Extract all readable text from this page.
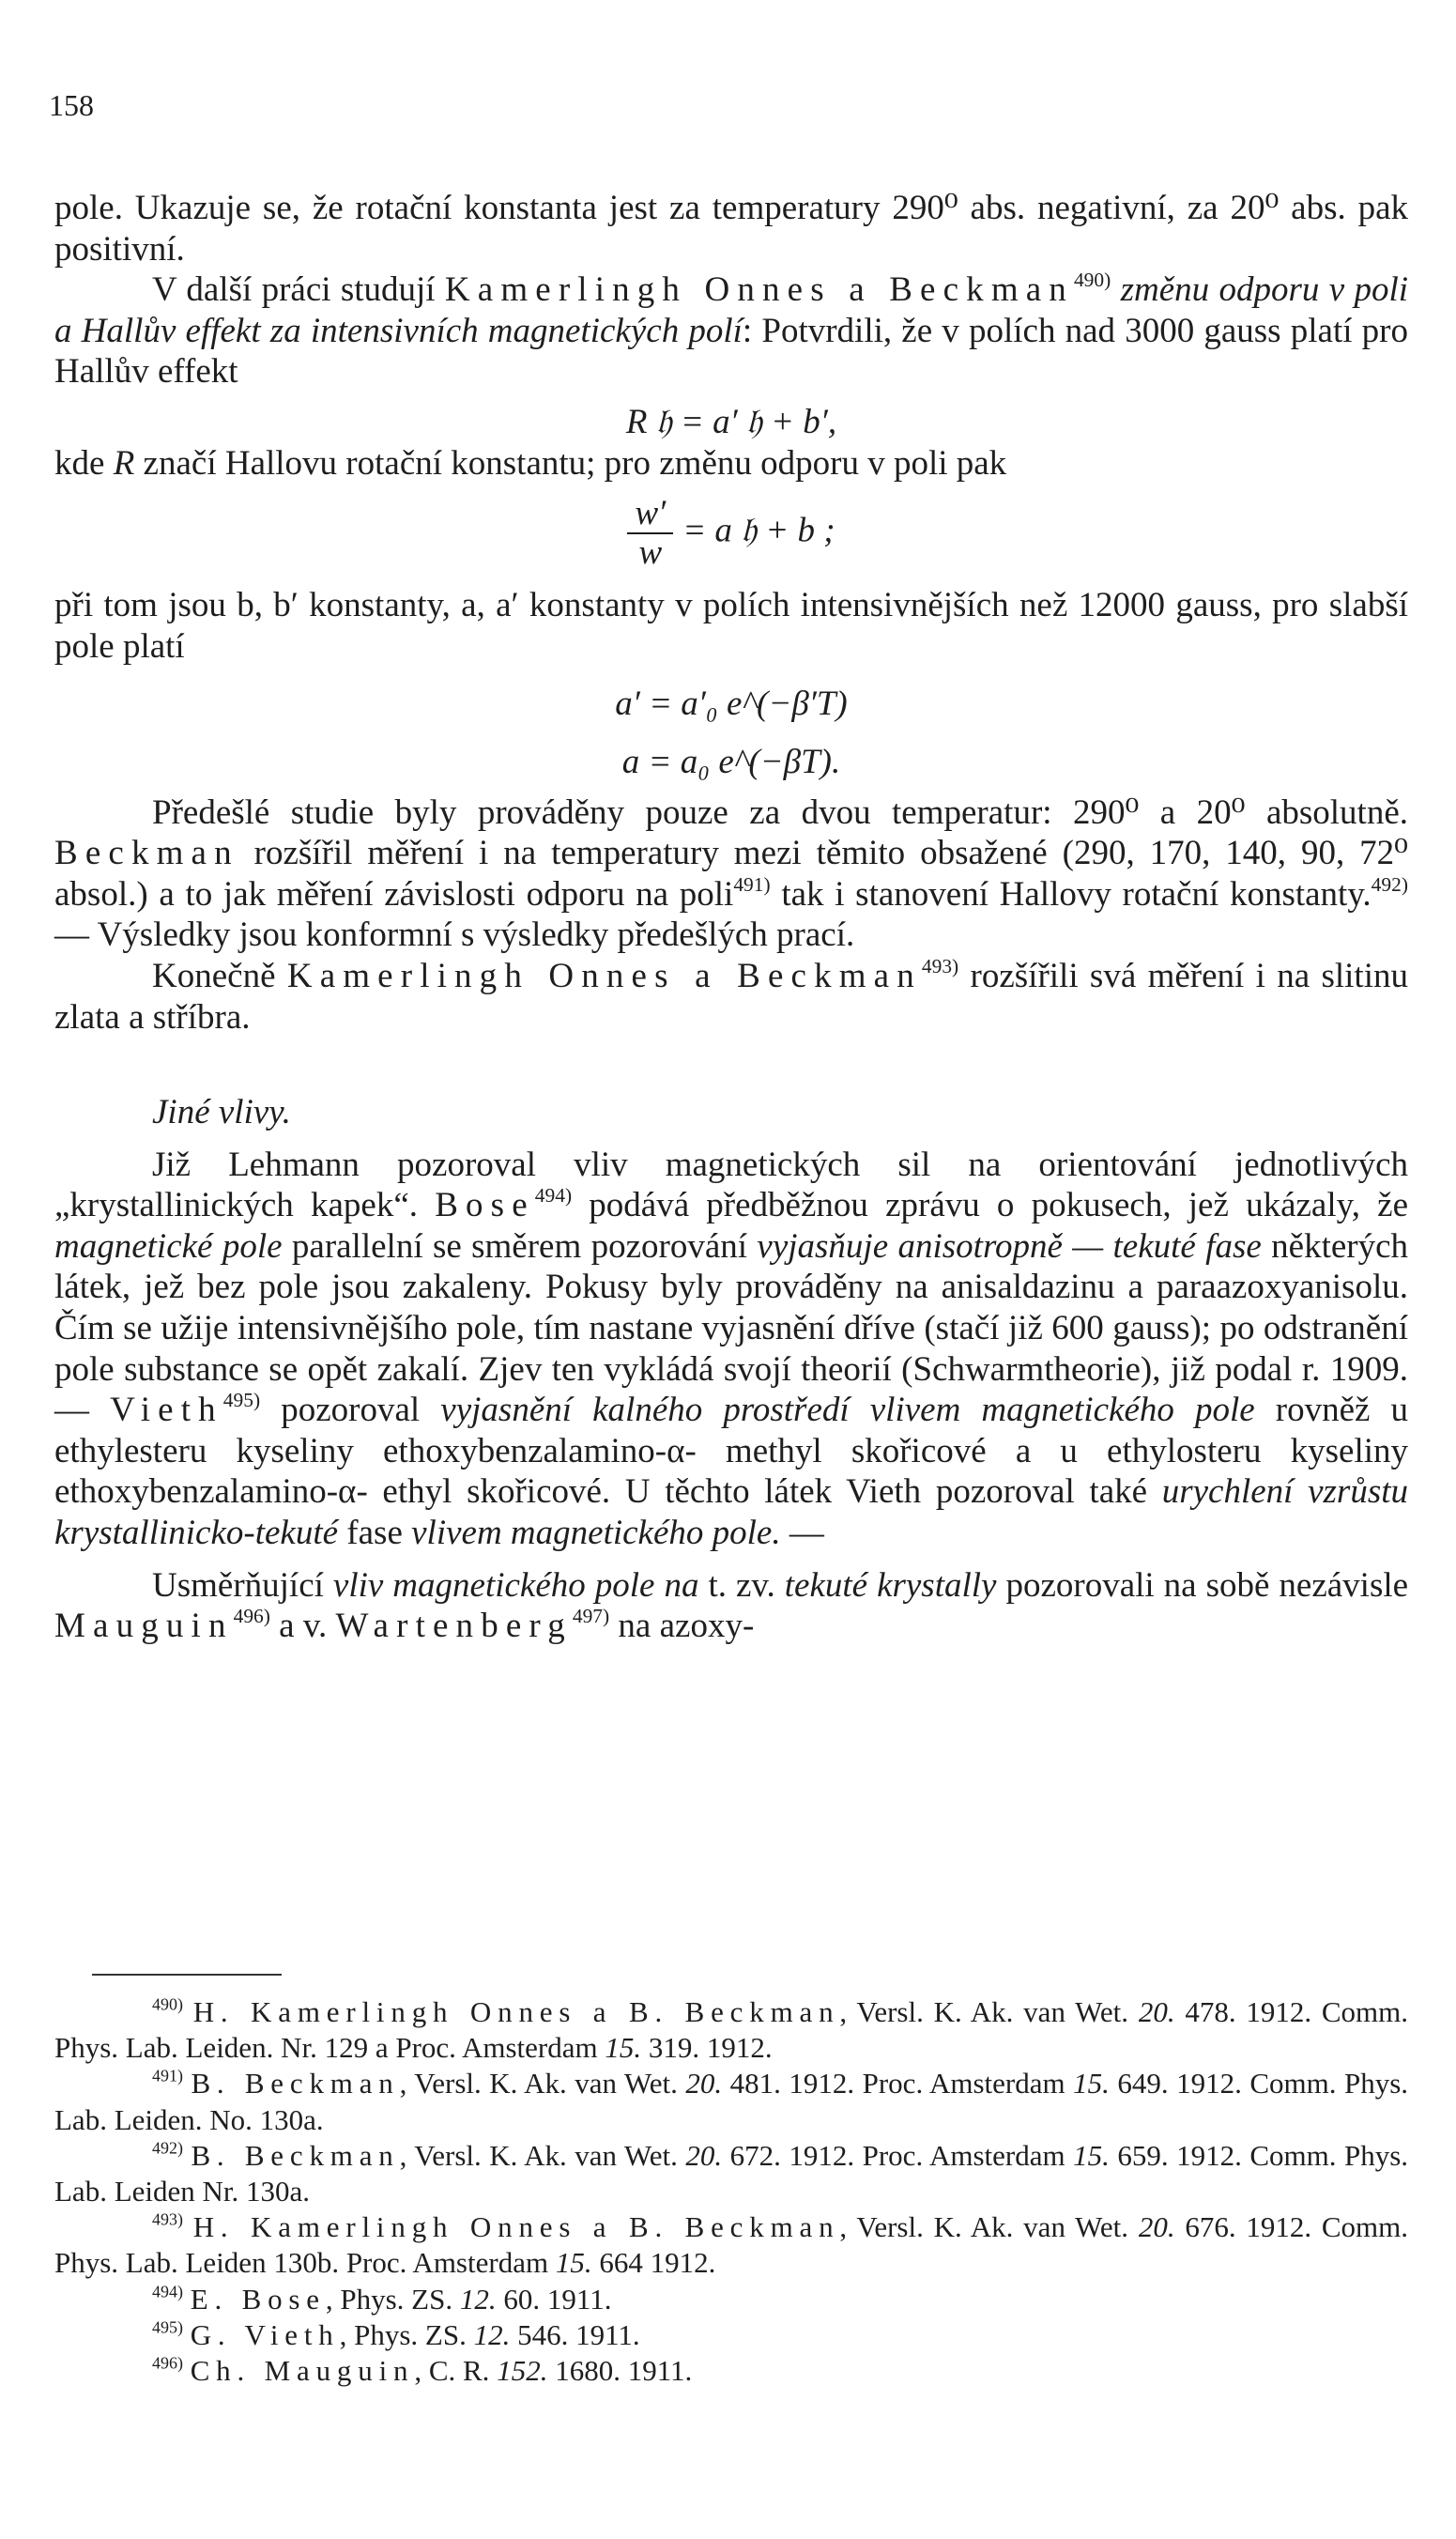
158

pole. Ukazuje se, že rotační konstanta jest za temperatury 290⁰ abs. negativní, za 20⁰ abs. pak positivní.

V další práci studují Kamerlingh Onnes a Beckman$^{490)}$ změnu odporu v poli a Hallův effekt za intensivních magnetických polí: Potvrdili, že v polích nad 3000 gauss platí pro Hallův effekt

R 𝔥 = a′ 𝔥 + b′,

kde R značí Hallovu rotační konstantu; pro změnu odporu v poli pak

$\frac{w'}{w} = a$ 𝔥 + b ;

při tom jsou b, b′ konstanty, a, a′ konstanty v polích intensivnějších než 12000 gauss, pro slabší pole platí

a′ = a′₀ e^(−β′T)

a = a₀ e^(−βT).

Předešlé studie byly prováděny pouze za dvou temperatur: 290⁰ a 20⁰ absolutně. Beckman rozšířil měření i na temperatury mezi těmito obsažené (290, 170, 140, 90, 72⁰ absol.) a to jak měření závislosti odporu na poli$^{491)}$ tak i stanovení Hallovy rotační konstanty.$^{492)}$ — Výsledky jsou konformní s výsledky předešlých prací.

Konečně Kamerlingh Onnes a Beckman$^{493)}$ rozšířili svá měření i na slitinu zlata a stříbra.

Jiné vlivy.

Již Lehmann pozoroval vliv magnetických sil na orientování jednotlivých „krystallinických kapek“. Bose$^{494)}$ podává předběžnou zprávu o pokusech, jež ukázaly, že magnetické pole parallelní se směrem pozorování vyjasňuje anisotropně — tekuté fase některých látek, jež bez pole jsou zakaleny. Pokusy byly prováděny na anisaldazinu a paraazoxyanisolu. Čím se užije intensivnějšího pole, tím nastane vyjasnění dříve (stačí již 600 gauss); po odstranění pole substance se opět zakalí. Zjev ten vykládá svojí theorií (Schwarmtheorie), již podal r. 1909. — Vieth$^{495)}$ pozoroval vyjasnění kalného prostředí vlivem magnetického pole rovněž u ethylesteru kyseliny ethoxybenzalamino-α- methyl skořicové a u ethylosteru kyseliny ethoxybenzalamino-α- ethyl skořicové. U těchto látek Vieth pozoroval také urychlení vzrůstu krystallinicko-tekuté fase vlivem magnetického pole. —

Usměrňující vliv magnetického pole na t. zv. tekuté krystally pozorovali na sobě nezávisle Mauguin$^{496)}$ a v. Wartenberg$^{497)}$ na azoxy-

$^{490)}$ H. Kamerlingh Onnes a B. Beckman, Versl. K. Ak. van Wet. 20. 478. 1912. Comm. Phys. Lab. Leiden. Nr. 129 a Proc. Amsterdam 15. 319. 1912.

$^{491)}$ B. Beckman, Versl. K. Ak. van Wet. 20. 481. 1912. Proc. Amsterdam 15. 649. 1912. Comm. Phys. Lab. Leiden. No. 130a.

$^{492)}$ B. Beckman, Versl. K. Ak. van Wet. 20. 672. 1912. Proc. Amsterdam 15. 659. 1912. Comm. Phys. Lab. Leiden Nr. 130a.

$^{493)}$ H. Kamerlingh Onnes a B. Beckman, Versl. K. Ak. van Wet. 20. 676. 1912. Comm. Phys. Lab. Leiden 130b. Proc. Amsterdam 15. 664 1912.

$^{494)}$ E. Bose, Phys. ZS. 12. 60. 1911.

$^{495)}$ G. Vieth, Phys. ZS. 12. 546. 1911.

$^{496)}$ Ch. Mauguin, C. R. 152. 1680. 1911.
